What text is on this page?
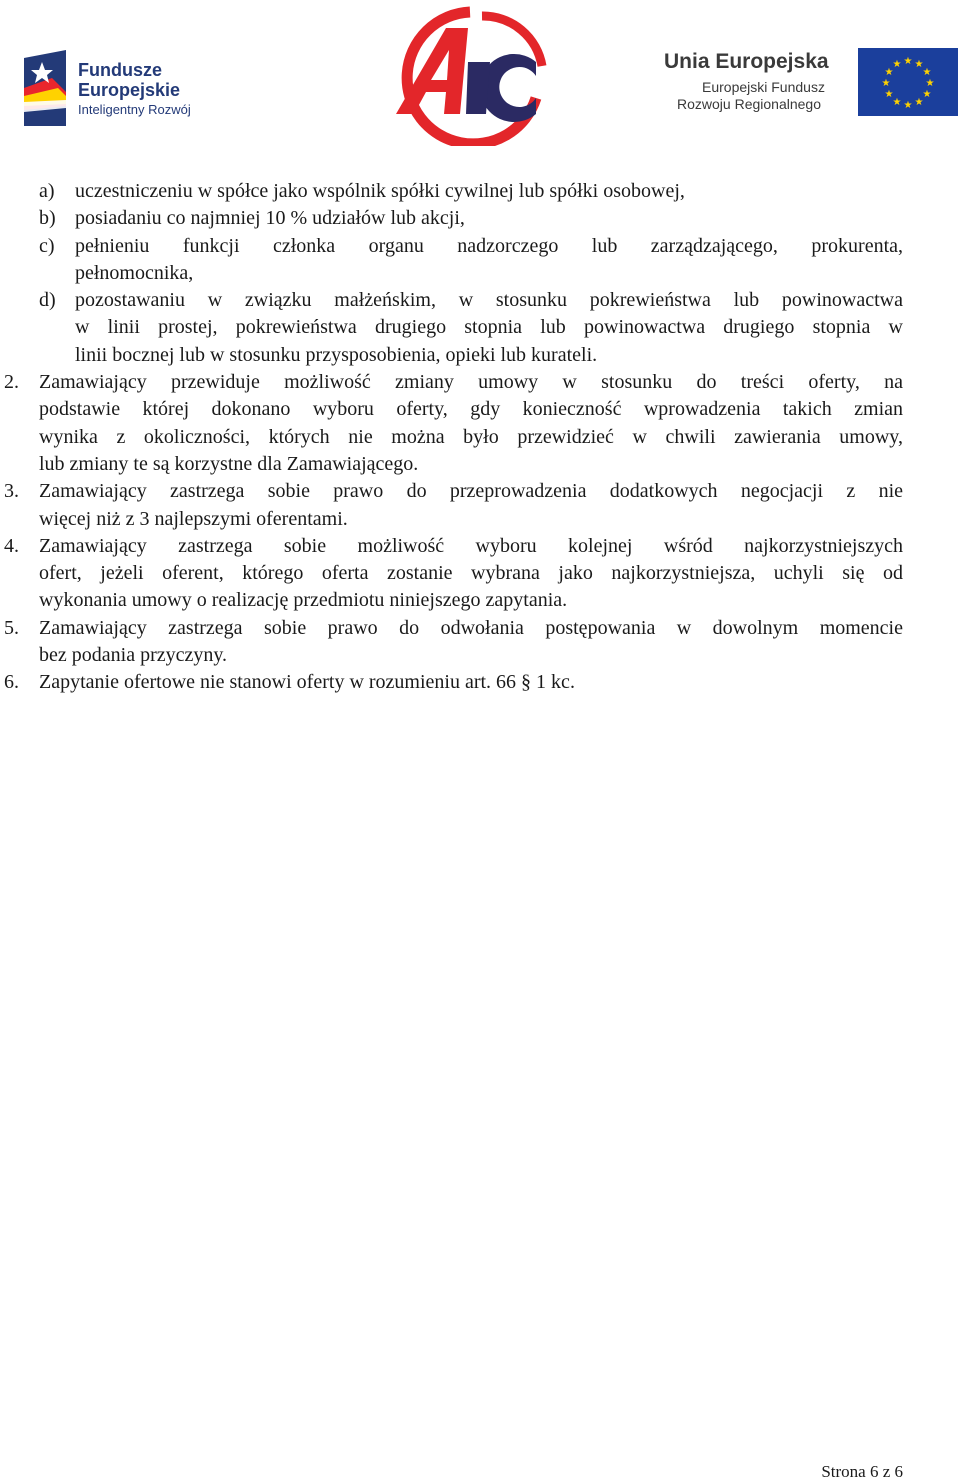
Fundusze
Europejskie
Inteligentny Rozwój
Unia Europejska
Europejski Fundusz
Rozwoju Regionalnego
★ ★
★
★
★
★
★
★
★
★
★
★
a) uczestniczeniu w spółce jako wspólnik spółki cywilnej lub spółki osobowej,
b) posiadaniu co najmniej 10 % udziałów lub akcji,
c) pełnieniu funkcji członka organu nadzorczego lub zarządzającego, prokurenta,
pełnomocnika,
d) pozostawaniu w związku małżeńskim, w stosunku pokrewieństwa lub powinowactwa
w linii prostej, pokrewieństwa drugiego stopnia lub powinowactwa drugiego stopnia w
linii bocznej lub w stosunku przysposobienia, opieki lub kurateli.
2. Zamawiający przewiduje możliwość zmiany umowy w stosunku do treści oferty, na
podstawie której dokonano wyboru oferty, gdy konieczność wprowadzenia takich zmian
wynika z okoliczności, których nie można było przewidzieć w chwili zawierania umowy,
lub zmiany te są korzystne dla Zamawiającego.
3. Zamawiający zastrzega sobie prawo do przeprowadzenia dodatkowych negocjacji z nie
więcej niż z 3 najlepszymi oferentami.
4. Zamawiający zastrzega sobie możliwość wyboru kolejnej wśród najkorzystniejszych
ofert, jeżeli oferent, którego oferta zostanie wybrana jako najkorzystniejsza, uchyli się od
wykonania umowy o realizację przedmiotu niniejszego zapytania.
5. Zamawiający zastrzega sobie prawo do odwołania postępowania w dowolnym momencie
bez podania przyczyny.
6. Zapytanie ofertowe nie stanowi oferty w rozumieniu art. 66 § 1 kc.
Strona 6 z 6
